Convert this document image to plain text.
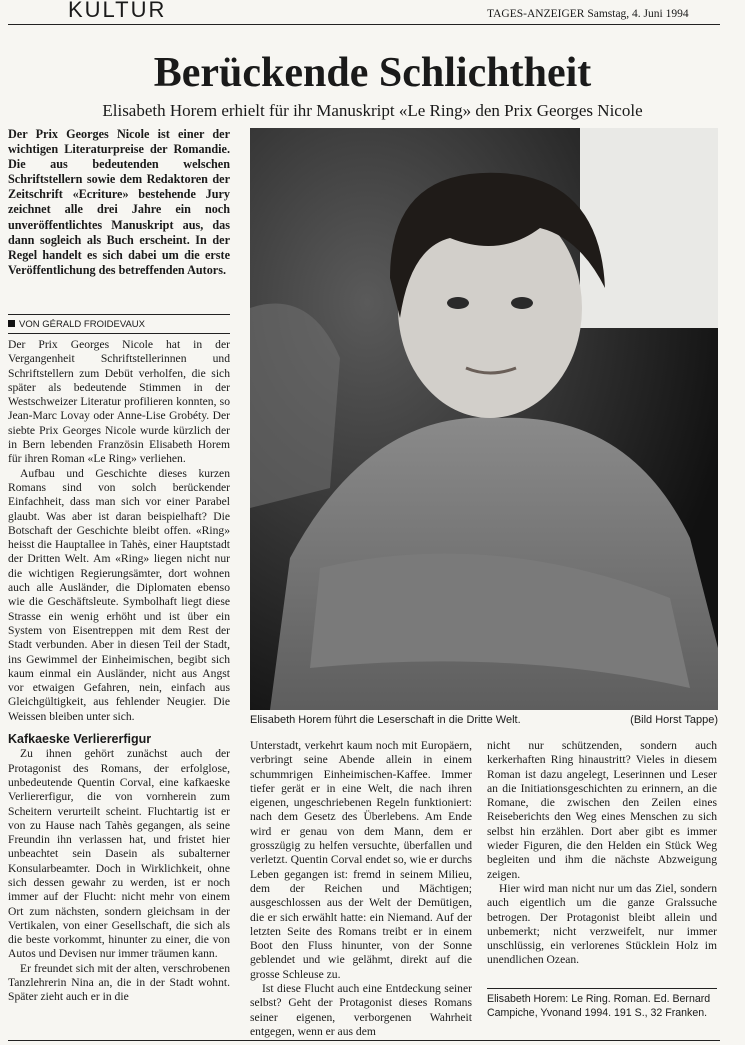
KULTUR	TAGES-ANZEIGER Samstag, 4. Juni 1994
Berückende Schlichtheit
Elisabeth Horem erhielt für ihr Manuskript «Le Ring» den Prix Georges Nicole
Der Prix Georges Nicole ist einer der wichtigen Literaturpreise der Romandie. Die aus bedeutenden welschen Schriftstellern sowie dem Redaktoren der Zeitschrift «Ecriture» bestehende Jury zeichnet alle drei Jahre ein noch unveröffentlichtes Manuskript aus, das dann sogleich als Buch erscheint. In der Regel handelt es sich dabei um die erste Veröffentlichung des betreffenden Autors.
VON GÉRALD FROIDEVAUX

Der Prix Georges Nicole hat in der Vergangenheit Schriftstellerinnen und Schriftstellern zum Debüt verholfen, die sich später als bedeutende Stimmen in der Westschweizer Literatur profilieren konnten, so Jean-Marc Lovay oder Anne-Lise Grobéty. Der siebte Prix Georges Nicole wurde kürzlich der in Bern lebenden Französin Elisabeth Horem für ihren Roman «Le Ring» verliehen.

Aufbau und Geschichte dieses kurzen Romans sind von solch berückender Einfachheit, dass man sich vor einer Parabel glaubt. Was aber ist daran beispielhaft? Die Botschaft der Geschichte bleibt offen. «Ring» heisst die Hauptallee in Tahès, einer Hauptstadt der Dritten Welt. Am «Ring» liegen nicht nur die wichtigen Regierungsämter, dort wohnen auch alle Ausländer, die Diplomaten ebenso wie die Geschäftsleute. Symbolhaft liegt diese Strasse ein wenig erhöht und ist über ein System von Eisentreppen mit dem Rest der Stadt verbunden. Aber in diesen Teil der Stadt, ins Gewimmel der Einheimischen, begibt sich kaum einmal ein Ausländer, nicht aus Angst vor etwaigen Gefahren, nein, einfach aus Gleichgültigkeit, aus fehlender Neugier. Die Weissen bleiben unter sich.

Kafkaeske Verliererfigur

Zu ihnen gehört zunächst auch der Protagonist des Romans, der erfolglose, unbedeutende Quentin Corval, eine kafkaeske Verliererfigur, die von vornherein zum Scheitern verurteilt scheint. Fluchtartig ist er von zu Hause nach Tahès gegangen, als seine Freundin ihn verlassen hat, und fristet hier unbeachtet sein Dasein als subalterner Konsularbeamter. Doch in Wirklichkeit, ohne sich dessen gewahr zu werden, ist er noch immer auf der Flucht: nicht mehr von einem Ort zum nächsten, sondern gleichsam in der Vertikalen, von einer Gesellschaft, die sich als die beste vorkommt, hinunter zu einer, die von Autos und Devisen nur immer träumen kann.

Er freundet sich mit der alten, verschrobenen Tanzlehrerin Nina an, die in der Stadt wohnt. Später zieht auch er in die

Elisabeth Horem führt die Leserschaft in die Dritte Welt.	(Bild Horst Tappe)

Unterstadt, verkehrt kaum noch mit Europäern, verbringt seine Abende allein in einem schummrigen Einheimischen-Kaffee. Immer tiefer gerät er in eine Welt, die nach ihren eigenen, ungeschriebenen Regeln funktioniert: nach dem Gesetz des Überlebens. Am Ende wird er genau von dem Mann, dem er grosszügig zu helfen versuchte, überfallen und verletzt. Quentin Corval endet so, wie er durchs Leben gegangen ist: fremd in seinem Milieu, dem der Reichen und Mächtigen; ausgeschlossen aus der Welt der Demütigen, die er sich erwählt hatte: ein Niemand. Auf der letzten Seite des Romans treibt er in einem Boot den Fluss hinunter, von der Sonne geblendet und wie gelähmt, direkt auf die grosse Schleuse zu.

Ist diese Flucht auch eine Entdeckung seiner selbst? Geht der Protagonist dieses Romans seiner eigenen, verborgenen Wahrheit entgegen, wenn er aus dem

nicht nur schützenden, sondern auch kerkerhaften Ring hinaustritt? Vieles in diesem Roman ist dazu angelegt, Leserinnen und Leser an die Initiationsgeschichten zu erinnern, an die Romane, die zwischen den Zeilen eines Reiseberichts den Weg eines Menschen zu sich selbst hin erzählen. Dort aber gibt es immer wieder Figuren, die den Helden ein Stück Weg begleiten und ihm die nächste Abzweigung zeigen.

Hier wird man nicht nur um das Ziel, sondern auch eigentlich um die ganze Gralssuche betrogen. Der Protagonist bleibt allein und unbemerkt; nicht verzweifelt, nur immer unschlüssig, ein verlorenes Stücklein Holz im unendlichen Ozean.

Elisabeth Horem: Le Ring. Roman. Ed. Bernard Campiche, Yvonand 1994. 191 S., 32 Franken.
